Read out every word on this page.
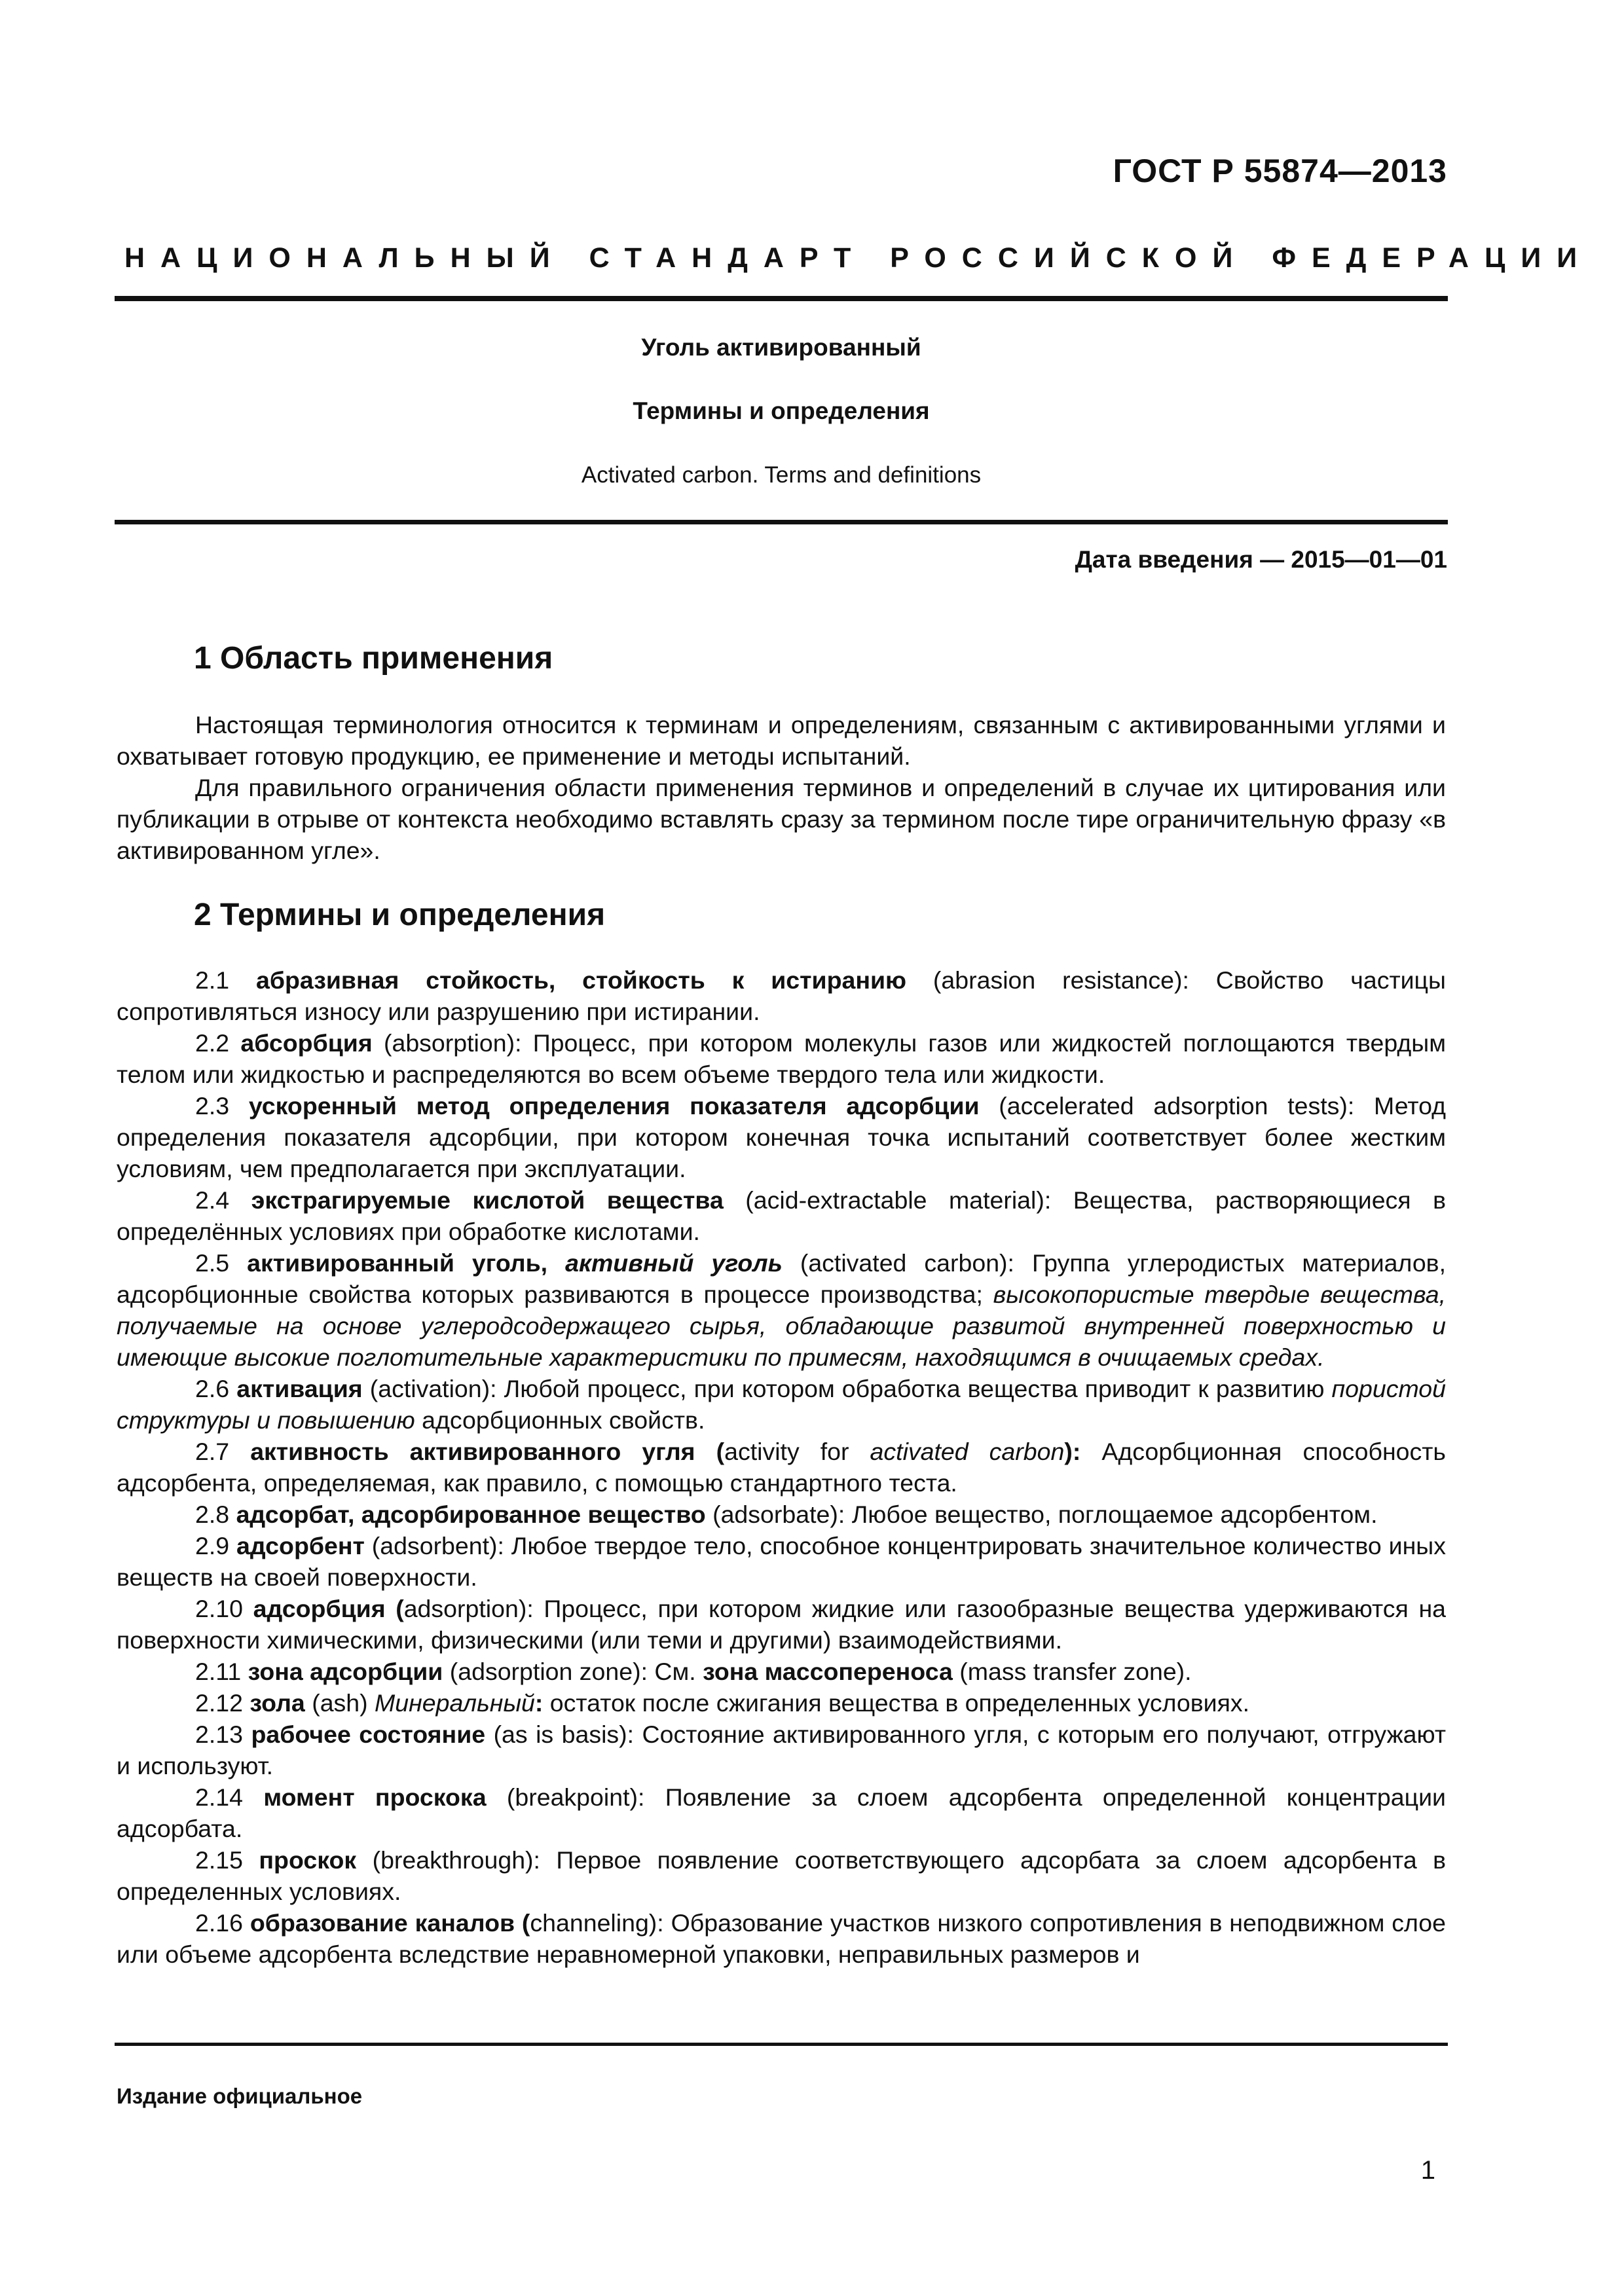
ГОСТ Р 55874—2013
НАЦИОНАЛЬНЫЙ СТАНДАРТ РОССИЙСКОЙ ФЕДЕРАЦИИ
Уголь активированный
Термины и определения
Activated carbon. Terms and definitions
Дата введения — 2015—01—01
1 Область применения

Настоящая терминология относится к терминам и определениям, связанным с активированными углями и охватывает готовую продукцию, ее применение и методы испытаний.

Для правильного ограничения области применения терминов и определений в случае их цитирования или публикации в отрыве от контекста необходимо вставлять сразу за термином после тире ограничительную фразу «в активированном угле».

2 Термины и определения

2.1 абразивная стойкость, стойкость к истиранию (abrasion resistance): Свойство частицы сопротивляться износу или разрушению при истирании.

2.2 абсорбция (absorption): Процесс, при котором молекулы газов или жидкостей поглощаются твердым телом или жидкостью и распределяются во всем объеме твердого тела или жидкости.

2.3 ускоренный метод определения показателя адсорбции (accelerated adsorption tests): Метод определения показателя адсорбции, при котором конечная точка испытаний соответствует более жестким условиям, чем предполагается при эксплуатации.

2.4 экстрагируемые кислотой вещества (acid-extractable material): Вещества, растворяющиеся в определённых условиях при обработке кислотами.

2.5 активированный уголь, активный уголь (activated carbon): Группа углеродистых материалов, адсорбционные свойства которых развиваются в процессе производства; высокопористые твердые вещества, получаемые на основе углеродсодержащего сырья, обладающие развитой внутренней поверхностью и имеющие высокие поглотительные характеристики по примесям, находящимся в очищаемых средах.

2.6 активация (activation): Любой процесс, при котором обработка вещества приводит к развитию пористой структуры и повышению адсорбционных свойств.

2.7 активность активированного угля (activity for activated carbon): Адсорбционная способность адсорбента, определяемая, как правило, с помощью стандартного теста.

2.8 адсорбат, адсорбированное вещество (adsorbate): Любое вещество, поглощаемое адсорбентом.

2.9 адсорбент (adsorbent): Любое твердое тело, способное концентрировать значительное количество иных веществ на своей поверхности.

2.10 адсорбция (adsorption): Процесс, при котором жидкие или газообразные вещества удерживаются на поверхности химическими, физическими (или теми и другими) взаимодействиями.

2.11 зона адсорбции (adsorption zone): См. зона массопереноса (mass transfer zone).

2.12 зола (ash) Минеральный: остаток после сжигания вещества в определенных условиях.

2.13 рабочее состояние (as is basis): Состояние активированного угля, с которым его получают, отгружают и используют.

2.14 момент проскока (breakpoint): Появление за слоем адсорбента определенной концентрации адсорбата.

2.15 проскок (breakthrough): Первое появление соответствующего адсорбата за слоем адсорбента в определенных условиях.

2.16 образование каналов (channeling): Образование участков низкого сопротивления в неподвижном слое или объеме адсорбента вследствие неравномерной упаковки, неправильных размеров и

Издание официальное
1
